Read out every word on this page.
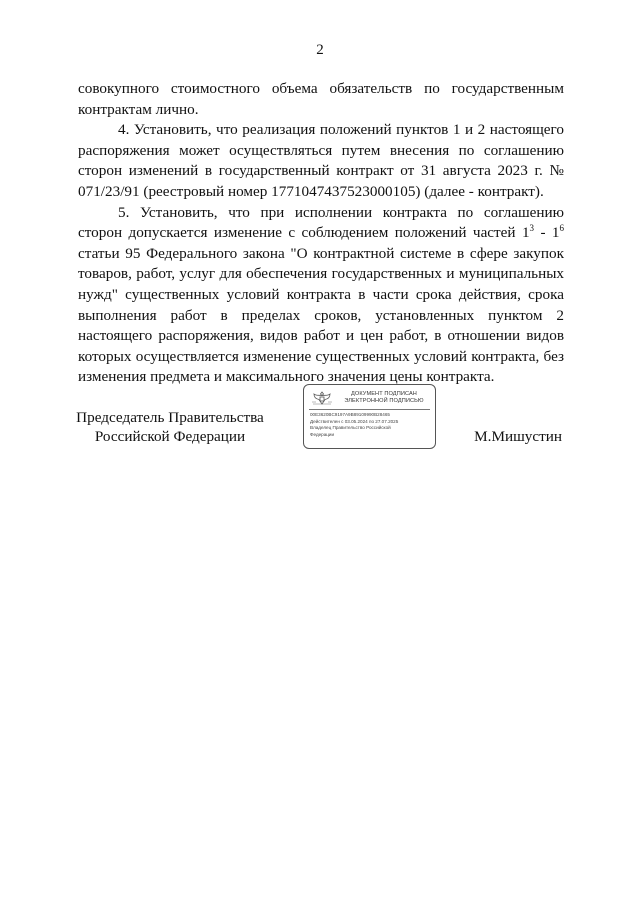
2

совокупного стоимостного объема обязательств по государственным контрактам лично.

4. Установить, что реализация положений пунктов 1 и 2 настоящего распоряжения может осуществляться путем внесения по соглашению сторон изменений в государственный контракт от 31 августа 2023 г. № 071/23/91 (реестровый номер 1771047437523000105) (далее - контракт).

5. Установить, что при исполнении контракта по соглашению сторон допускается изменение с соблюдением положений частей $1^3 - 1^6$ статьи 95 Федерального закона "О контрактной системе в сфере закупок товаров, работ, услуг для обеспечения государственных и муниципальных нужд" существенных условий контракта в части срока действия, срока выполнения работ в пределах сроков, установленных пунктом 2 настоящего распоряжения, видов работ и цен работ, в отношении видов которых осуществляется изменение существенных условий контракта, без изменения предмета и максимального значения цены контракта.

Председатель Правительства
Российской Федерации
ДОКУМЕНТ ПОДПИСАН
ЭЛЕКТРОННОЙ ПОДПИСЬЮ
00E3620BC9197A9B89109990B28465
Действителен с 03.05.2024 по 27.07.2025
Владелец Правительство Российской
Федерации	М.Мишустин
